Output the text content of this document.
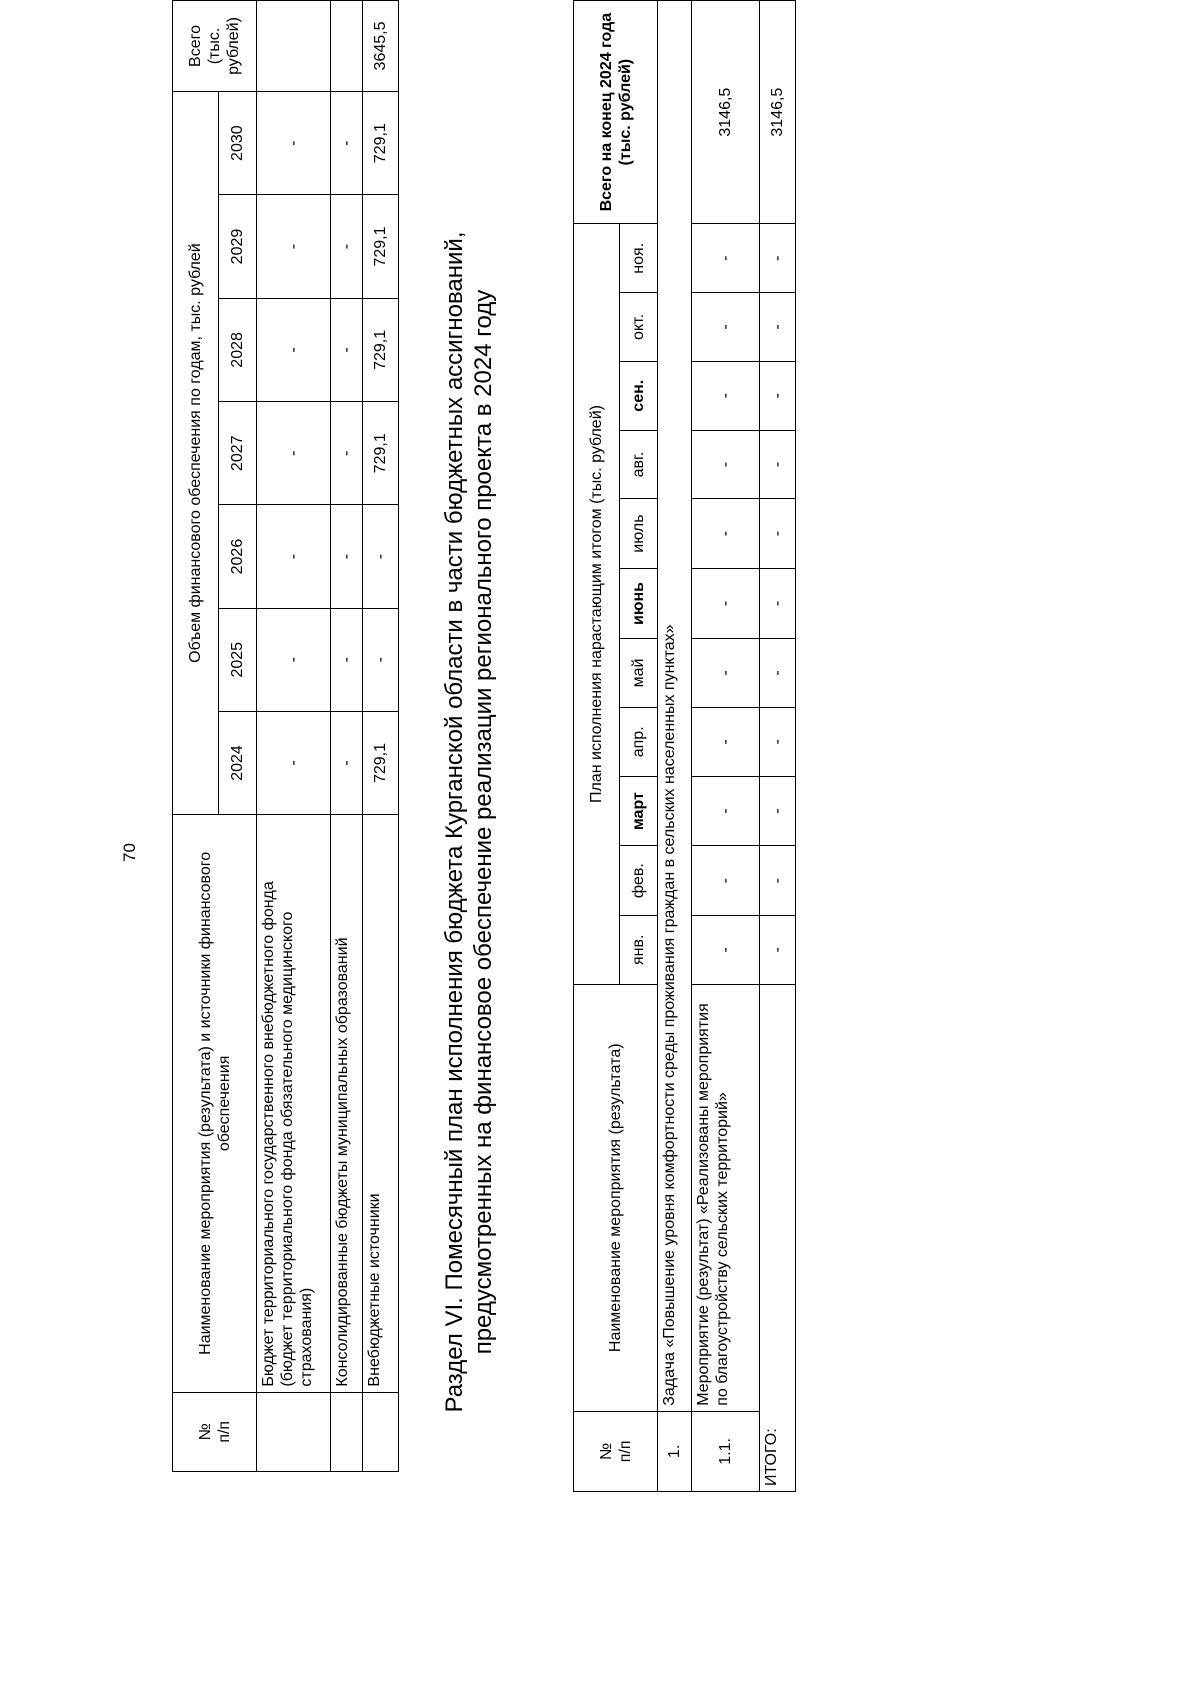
70
№
п/п	Наименование мероприятия (результата) и источники финансового обеспечения	Объем финансового обеспечения по годам, тыс. рублей							Всего (тыс. рублей)
		2024	2025	2026	2027	2028	2029	2030	
	Бюджет территориального государственного внебюджетного фонда (бюджет территориального фонда обязательного медицинского страхования)	-	-	-	-	-	-	-	
	Консолидированные бюджеты муниципальных образований	-	-	-	-	-	-	-	
	Внебюджетные источники	729,1	-	-	729,1	729,1	729,1	729,1	3645,5
Раздел VI. Помесячный план исполнения бюджета Курганской области в части бюджетных ассигнований, предусмотренных на финансовое обеспечение реализации регионального проекта в 2024 году
№
п/п	Наименование мероприятия (результата)	План исполнения нарастающим итогом (тыс. рублей)											Всего на конец 2024 года (тыс. рублей)
		янв.	фев.	март	апр.	май	июнь	июль	авг.	сен.	окт.	ноя.	
1.	Задача «Повышение уровня комфортности среды проживания граждан в сельских населенных пунктах»												
1.1.	Мероприятие (результат) «Реализованы мероприятия по благоустройству сельских территорий»	-	-	-	-	-	-	-	-	-	-	-	3146,5
ИТОГО:		-	-	-	-	-	-	-	-	-	-	-	3146,5
